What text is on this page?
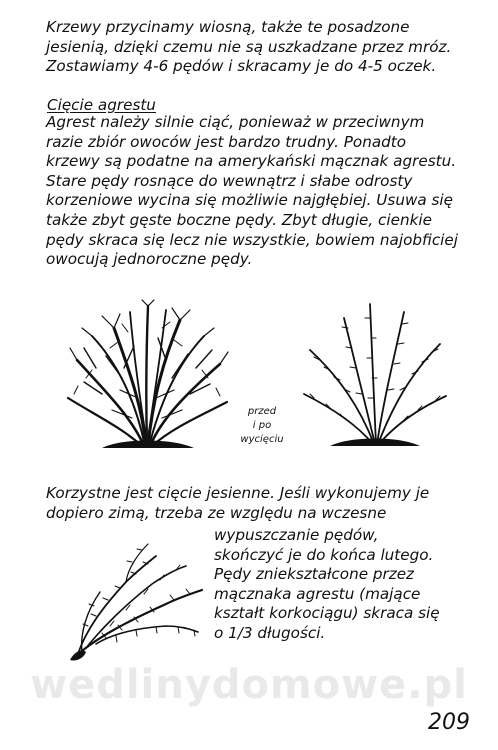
Krzewy przycinamy wiosną, także te posadzone

jesienią, dzięki czemu nie są uszkadzane przez mróz.

Zostawiamy 4-6 pędów i skracamy je do 4-5 oczek.

Cięcie agrestu

Agrest należy silnie ciąć, ponieważ w przeciwnym

razie zbiór owoców jest bardzo trudny. Ponadto

krzewy są podatne na amerykański mącznak agrestu.

Stare pędy rosnące do wewnątrz i słabe odrosty

korzeniowe wycina się możliwie najgłębiej. Usuwa się

także zbyt gęste boczne pędy. Zbyt długie, cienkie

pędy skraca się lecz nie wszystkie, bowiem najobficiej

owocują jednoroczne pędy.

przed
i po
wycięciu

Korzystne jest cięcie jesienne. Jeśli wykonujemy je

dopiero zimą, trzeba ze względu na wczesne

wypuszczanie pędów,

skończyć je do końca lutego.

Pędy zniekształcone przez

mącznaka agrestu (mające

kształt korkociągu) skraca się

o 1/3 długości.

wedlinydomowe.pl
209
